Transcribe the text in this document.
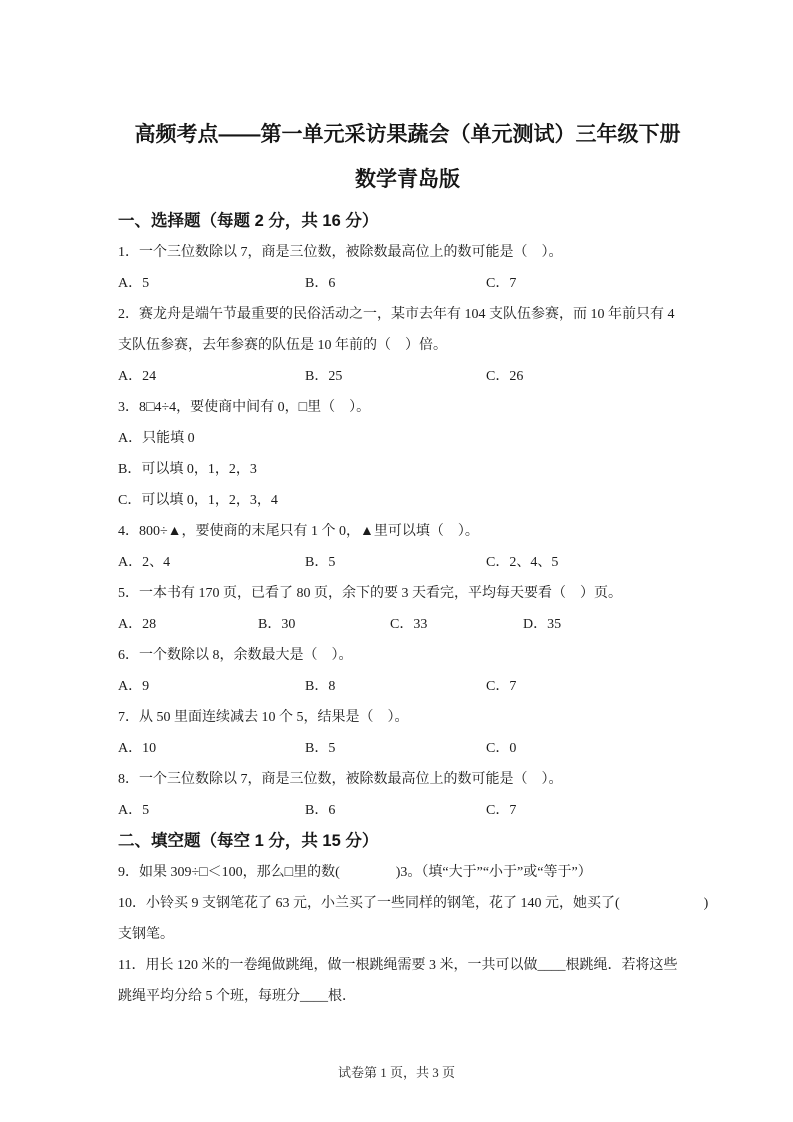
高频考点——第一单元采访果蔬会（单元测试）三年级下册
数学青岛版
一、选择题（每题 2 分，共 16 分）
1．一个三位数除以 7，商是三位数，被除数最高位上的数可能是（　）。
A．5	B．6	C．7
2．赛龙舟是端午节最重要的民俗活动之一，某市去年有 104 支队伍参赛，而 10 年前只有 4
支队伍参赛，去年参赛的队伍是 10 年前的（　）倍。
A．24	B．25	C．26
3．8□4÷4，要使商中间有 0，□里（　）。
A．只能填 0
B．可以填 0，1，2，3
C．可以填 0，1，2，3，4
4．800÷▲，要使商的末尾只有 1 个 0，▲里可以填（　）。
A．2、4	B．5	C．2、4、5
5．一本书有 170 页，已看了 80 页，余下的要 3 天看完，平均每天要看（　）页。
A．28	B．30	C．33	D．35
6．一个数除以 8，余数最大是（　）。
A．9	B．8	C．7
7．从 50 里面连续减去 10 个 5，结果是（　）。
A．10	B．5	C．0
8．一个三位数除以 7，商是三位数，被除数最高位上的数可能是（　）。
A．5	B．6	C．7
二、填空题（每空 1 分，共 15 分）
9．如果 309÷□＜100，那么□里的数(　　　　)3。（填“大于”“小于”或“等于”）
10．小铃买 9 支钢笔花了 63 元，小兰买了一些同样的钢笔，花了 140 元，她买了(　　　　　　)
支钢笔。
11．用长 120 米的一卷绳做跳绳，做一根跳绳需要 3 米，一共可以做____根跳绳．若将这些
跳绳平均分给 5 个班，每班分____根．
试卷第 1 页，共 3 页
